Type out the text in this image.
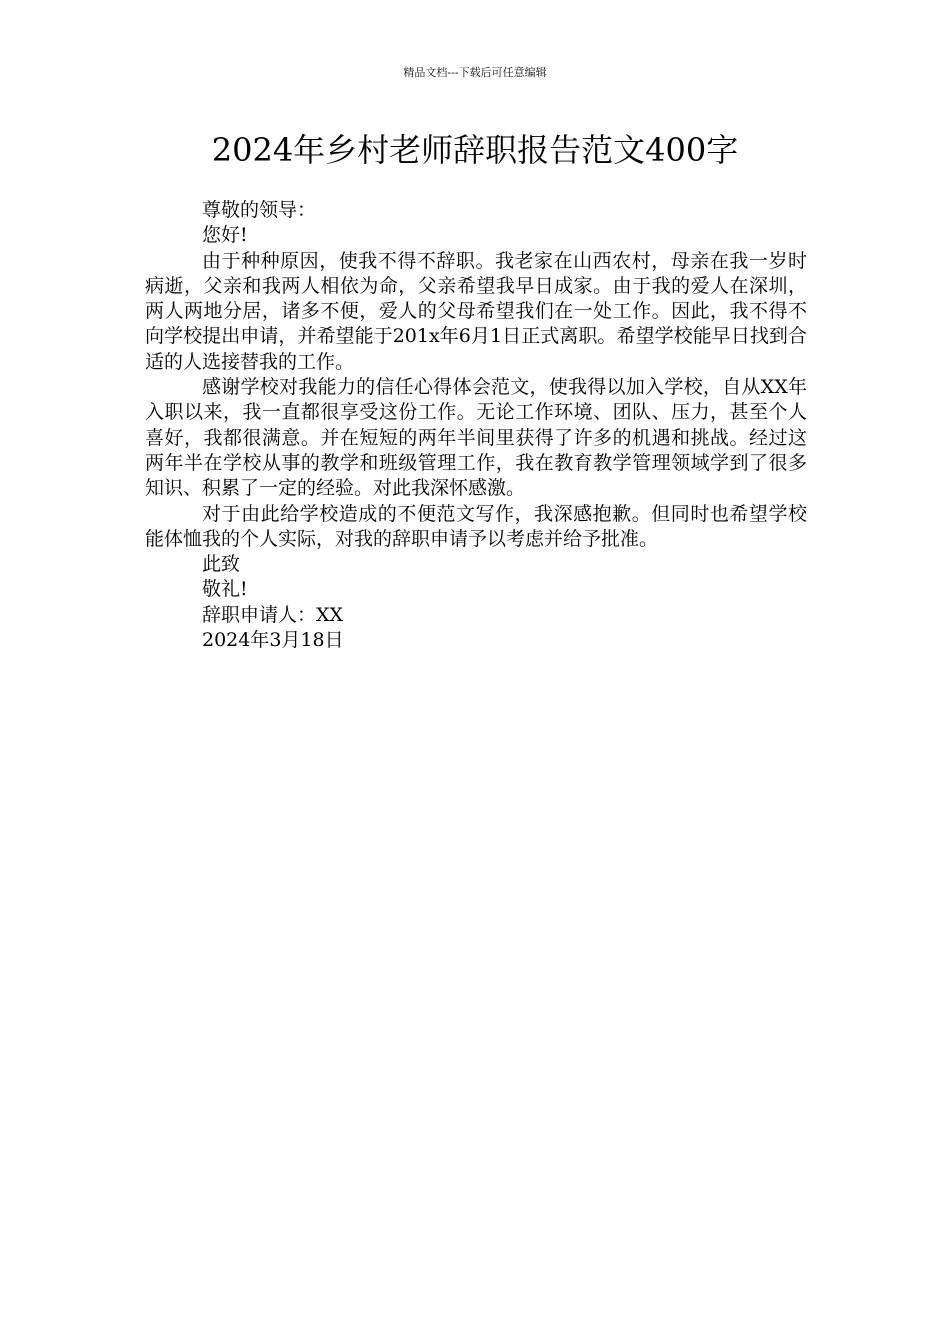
精品文档---下载后可任意编辑
2024年乡村老师辞职报告范文400字

尊敬的领导：

您好!

由于种种原因，使我不得不辞职。我老家在山西农村，母亲在我一岁时病逝，父亲和我两人相依为命，父亲希望我早日成家。由于我的爱人在深圳，两人两地分居，诸多不便，爱人的父母希望我们在一处工作。因此，我不得不向学校提出申请，并希望能于201x年6月1日正式离职。希望学校能早日找到合适的人选接替我的工作。

感谢学校对我能力的信任心得体会范文，使我得以加入学校，自从XX年入职以来，我一直都很享受这份工作。无论工作环境、团队、压力，甚至个人喜好，我都很满意。并在短短的两年半间里获得了许多的机遇和挑战。经过这两年半在学校从事的教学和班级管理工作，我在教育教学管理领域学到了很多知识、积累了一定的经验。对此我深怀感激。

对于由此给学校造成的不便范文写作，我深感抱歉。但同时也希望学校能体恤我的个人实际，对我的辞职申请予以考虑并给予批准。

此致

敬礼!

辞职申请人：XX

2024年3月18日
